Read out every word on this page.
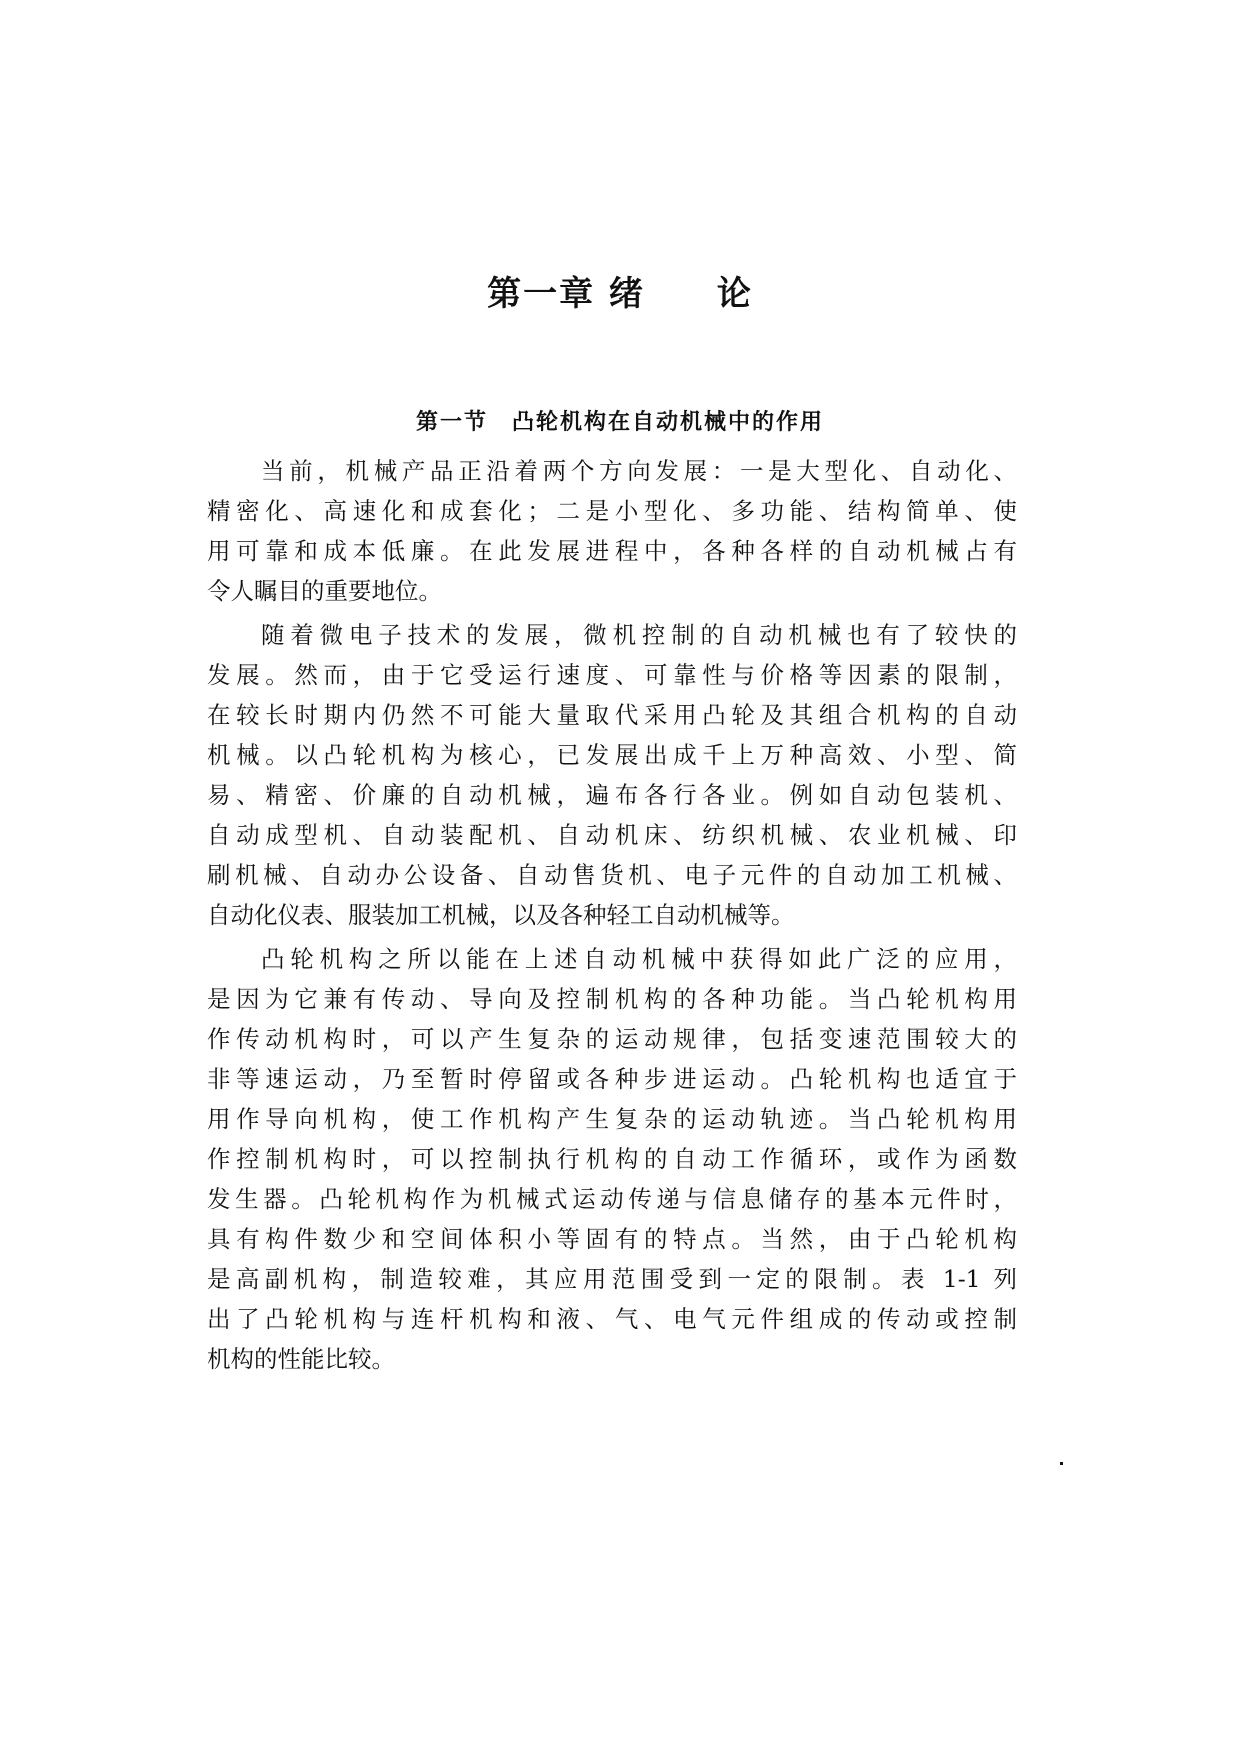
第一章 绪　　论
第一节　凸轮机构在自动机械中的作用
当前，机械产品正沿着两个方向发展：一是大型化、自动化、
精密化、高速化和成套化；二是小型化、多功能、结构简单、使
用可靠和成本低廉。在此发展进程中，各种各样的自动机械占有
令人瞩目的重要地位。
随着微电子技术的发展，微机控制的自动机械也有了较快的
发展。然而，由于它受运行速度、可靠性与价格等因素的限制，
在较长时期内仍然不可能大量取代采用凸轮及其组合机构的自动
机械。以凸轮机构为核心，已发展出成千上万种高效、小型、简
易、精密、价廉的自动机械，遍布各行各业。例如自动包装机、
自动成型机、自动装配机、自动机床、纺织机械、农业机械、印
刷机械、自动办公设备、自动售货机、电子元件的自动加工机械、
自动化仪表、服装加工机械，以及各种轻工自动机械等。
凸轮机构之所以能在上述自动机械中获得如此广泛的应用，
是因为它兼有传动、导向及控制机构的各种功能。当凸轮机构用
作传动机构时，可以产生复杂的运动规律，包括变速范围较大的
非等速运动，乃至暂时停留或各种步进运动。凸轮机构也适宜于
用作导向机构，使工作机构产生复杂的运动轨迹。当凸轮机构用
作控制机构时，可以控制执行机构的自动工作循环，或作为函数
发生器。凸轮机构作为机械式运动传递与信息储存的基本元件时，
具有构件数少和空间体积小等固有的特点。当然，由于凸轮机构
是高副机构，制造较难，其应用范围受到一定的限制。表 1-1 列
出了凸轮机构与连杆机构和液、气、电气元件组成的传动或控制
机构的性能比较。
